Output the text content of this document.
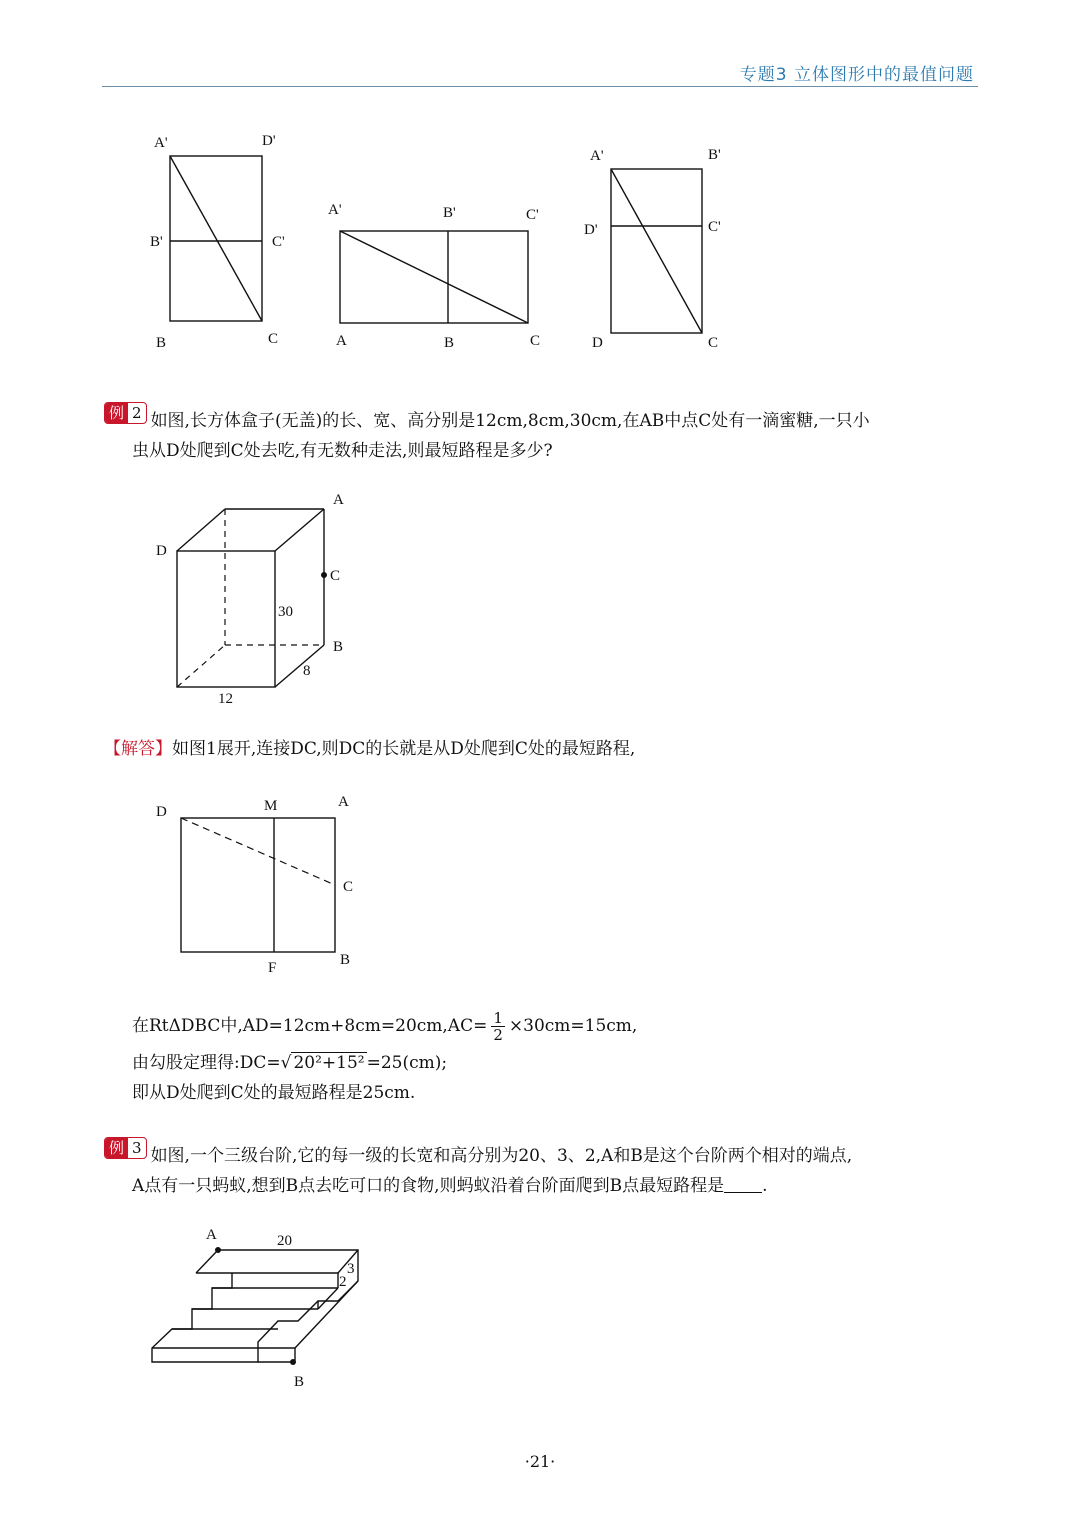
专题3 立体图形中的最值问题
A'	D'
B'	C'
B	C
A'	B'	C'
A	B	C
A'	B'
D'	C'
D	C
例 2 如图,长方体盒子(无盖)的长、宽、高分别是12cm,8cm,30cm,在AB中点C处有一滴蜜糖,一只小
虫从D处爬到C处去吃,有无数种走法,则最短路程是多少?
A
D
C
30
B
8
12
【解答】如图1展开,连接DC,则DC的长就是从D处爬到C处的最短路程,
D	M	A
C
F	B
在RtΔDBC中$,AD=12cm+8cm=20cm,AC= \frac{1}{2} \times 30cm=15cm$,
由勾股定理得:DC=√ 20²+15² =25(cm);
即从D处爬到C处的最短路程是25cm.
例 3 如图,一个三级台阶,它的每一级的长宽和高分别为20、3、2,A和B是这个台阶两个相对的端点,
A点有一只蚂蚁,想到B点去吃可口的食物,则蚂蚁沿着台阶面爬到B点最短路程是 .
A	20
3
2
B
·21·
